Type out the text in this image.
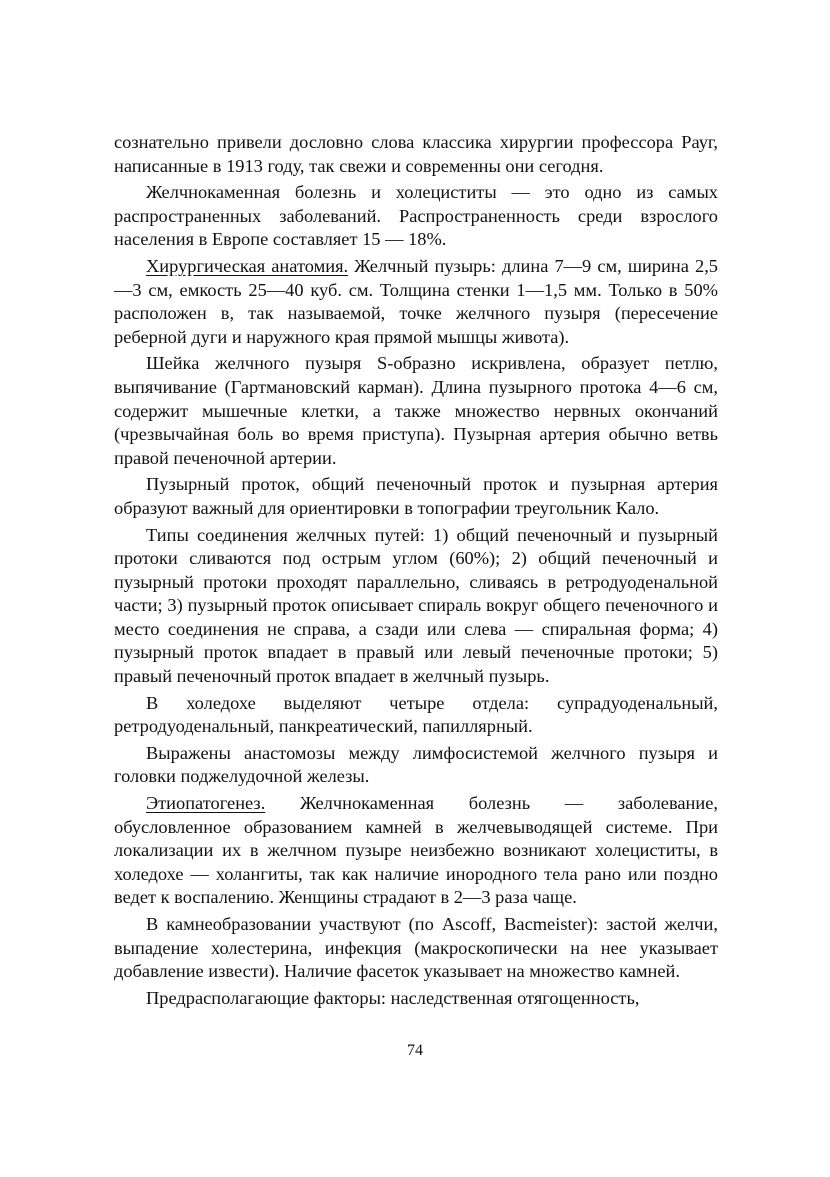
сознательно привели дословно слова классика хирургии профессора Рауг, написанные в 1913 году, так свежи и современны они сегодня.

Желчнокаменная болезнь и холециститы — это одно из самых распространенных заболеваний. Распространенность среди взрослого населения в Европе составляет 15 — 18%.

Хирургическая анатомия. Желчный пузырь: длина 7—9 см, ширина 2,5—3 см, емкость 25—40 куб. см. Толщина стенки 1—1,5 мм. Только в 50% расположен в, так называемой, точке желчного пузыря (пересечение реберной дуги и наружного края прямой мышцы живота).

Шейка желчного пузыря S-образно искривлена, образует петлю, выпячивание (Гартмановский карман). Длина пузырного протока 4—6 см, содержит мышечные клетки, а также множество нервных окончаний (чрезвычайная боль во время приступа). Пузырная артерия обычно ветвь правой печеночной артерии.

Пузырный проток, общий печеночный проток и пузырная артерия образуют важный для ориентировки в топографии треугольник Кало.

Типы соединения желчных путей: 1) общий печеночный и пузырный протоки сливаются под острым углом (60%); 2) общий печеночный и пузырный протоки проходят параллельно, сливаясь в ретродуоденальной части; 3) пузырный проток описывает спираль вокруг общего печеночного и место соединения не справа, а сзади или слева — спиральная форма; 4) пузырный проток впадает в правый или левый печеночные протоки; 5) правый печеночный проток впадает в желчный пузырь.

В холедохе выделяют четыре отдела: супрадуоденальный, ретродуоденальный, панкреатический, папиллярный.

Выражены анастомозы между лимфосистемой желчного пузыря и головки поджелудочной железы.

Этиопатогенез. Желчнокаменная болезнь — заболевание, обусловленное образованием камней в желчевыводящей системе. При локализации их в желчном пузыре неизбежно возникают холециститы, в холедохе — холангиты, так как наличие инородного тела рано или поздно ведет к воспалению. Женщины страдают в 2—3 раза чаще.

В камнеобразовании участвуют (по Ascoff, Bacmeister): застой желчи, выпадение холестерина, инфекция (макроскопически на нее указывает добавление извести). Наличие фасеток указывает на множество камней.

Предрасполагающие факторы: наследственная отягощенность,

74
